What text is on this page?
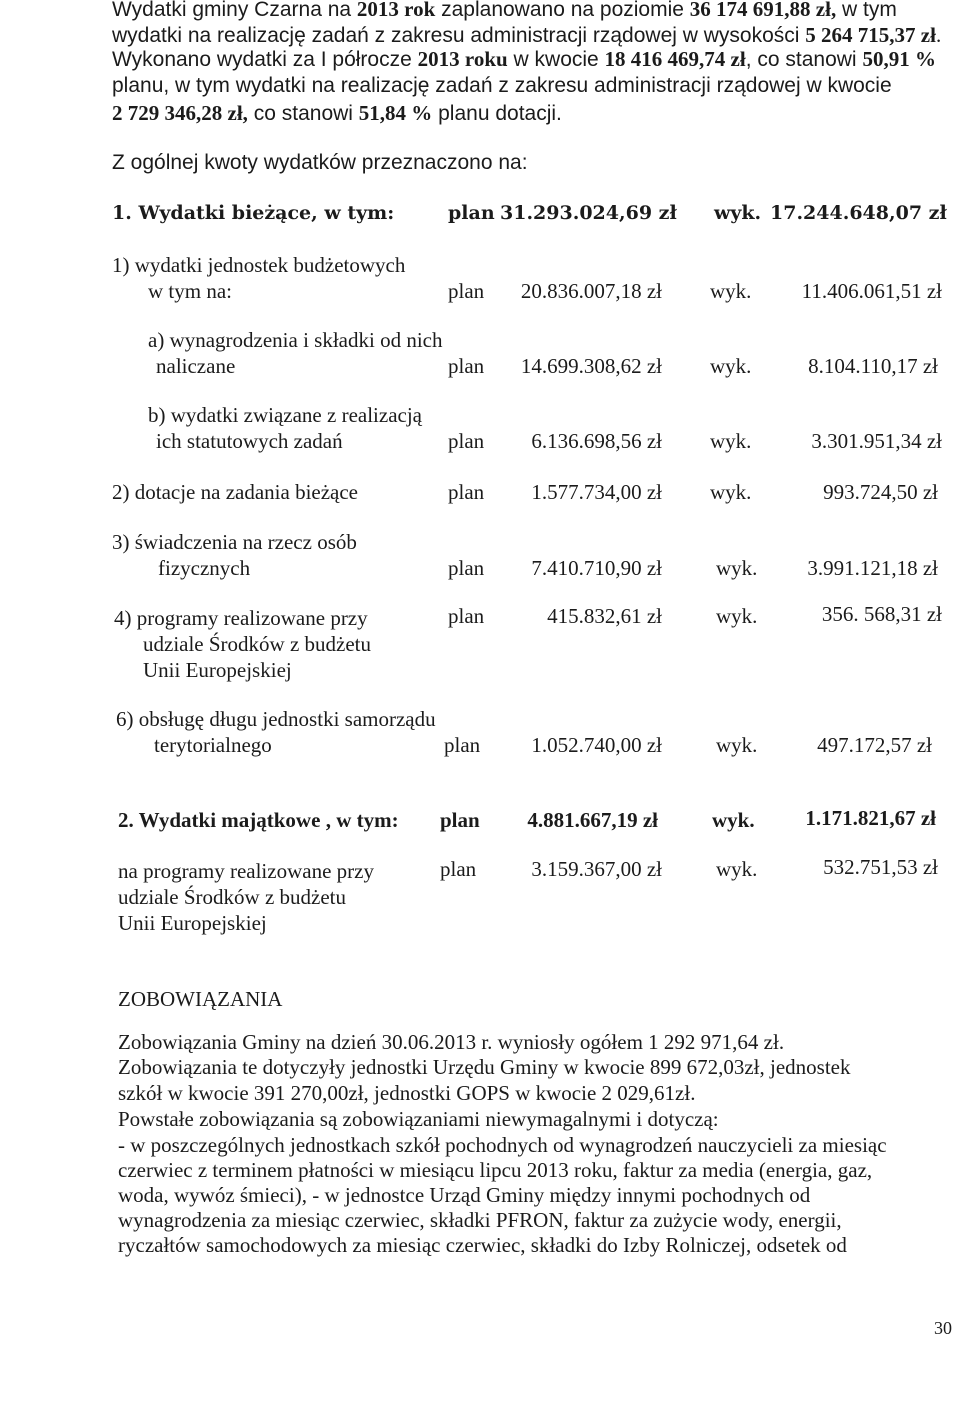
Wydatki gminy Czarna na 2013 rok zaplanowano na poziomie 36 174 691,88 zł, w tym
wydatki na realizację zadań z zakresu administracji rządowej w wysokości 5 264 715,37 zł.
Wykonano wydatki za I półrocze 2013 roku w kwocie 18 416 469,74 zł, co stanowi 50,91 %
planu, w tym wydatki na realizację zadań z zakresu administracji rządowej w kwocie
2 729 346,28 zł, co stanowi 51,84 % planu dotacji.
Z ogólnej kwoty wydatków przeznaczono na:
1. Wydatki bieżące, w tym:	plan 31.293.024,69 zł wyk. 17.244.648,07 zł
1) wydatki jednostek budżetowych
w tym na:	plan	20.836.007,18 zł wyk.	11.406.061,51 zł
a) wynagrodzenia i składki od nich
naliczane	plan	14.699.308,62 zł wyk.	8.104.110,17 zł
b) wydatki związane z realizacją
ich statutowych zadań	plan	6.136.698,56 zł wyk.	3.301.951,34 zł
2) dotacje na zadania bieżące	plan	1.577.734,00 zł wyk.	993.724,50 zł
3) świadczenia na rzecz osób
fizycznych	plan	7.410.710,90 zł	wyk.	3.991.121,18 zł
4) programy realizowane przy
udziale Środków z budżetu
Unii Europejskiej
plan	415.832,61 zł	wyk.	356. 568,31 zł
6) obsługę długu jednostki samorządu
terytorialnego	plan	1.052.740,00 zł	wyk.	497.172,57 zł
2. Wydatki majątkowe , w tym: plan	4.881.667,19 zł	wyk.	1.171.821,67 zł
na programy realizowane przy
udziale Środków z budżetu
Unii Europejskiej
plan	3.159.367,00 zł	wyk.	532.751,53 zł
ZOBOWIĄZANIA
Zobowiązania Gminy na dzień 30.06.2013 r. wyniosły ogółem 1 292 971,64 zł.
Zobowiązania te dotyczyły jednostki Urzędu Gminy w kwocie 899 672,03zł, jednostek
szkół w kwocie 391 270,00zł, jednostki GOPS w kwocie 2 029,61zł.
Powstałe zobowiązania są zobowiązaniami niewymagalnymi i dotyczą:
- w poszczególnych jednostkach szkół pochodnych od wynagrodzeń nauczycieli za miesiąc
czerwiec z terminem płatności w miesiącu lipcu 2013 roku, faktur za media (energia, gaz,
woda, wywóz śmieci), - w jednostce Urząd Gminy między innymi pochodnych od
wynagrodzenia za miesiąc czerwiec, składki PFRON, faktur za zużycie wody, energii,
ryczałtów samochodowych za miesiąc czerwiec, składki do Izby Rolniczej, odsetek od
30
